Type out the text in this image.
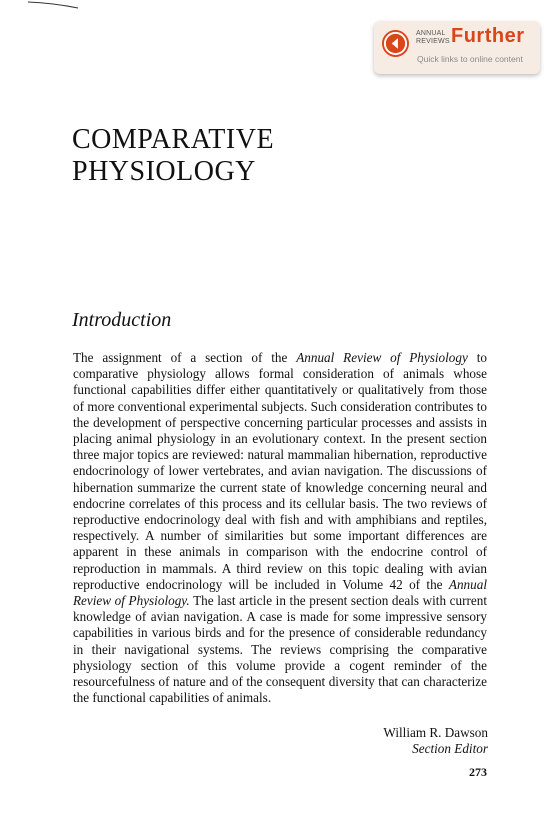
ANNUAL
REVIEWS Further
Quick links to online content
COMPARATIVE
PHYSIOLOGY
Introduction

The assignment of a section of the Annual Review of Physiology to comparative physiology allows formal consideration of animals whose functional capabilities differ either quantitatively or qualitatively from those of more conventional experimental subjects. Such consideration contributes to the development of perspective concerning particular processes and assists in placing animal physiology in an evolutionary context. In the present section three major topics are reviewed: natural mammalian hibernation, reproductive endocrinology of lower vertebrates, and avian navigation. The discussions of hibernation summarize the current state of knowledge concerning neural and endocrine correlates of this process and its cellular basis. The two reviews of reproductive endocrinology deal with fish and with amphibians and reptiles, respectively. A number of similarities but some important differences are apparent in these animals in comparison with the endocrine control of reproduction in mammals. A third review on this topic dealing with avian reproductive endocrinology will be included in Volume 42 of the Annual Review of Physiology. The last article in the present section deals with current knowledge of avian navigation. A case is made for some impressive sensory capabilities in various birds and for the presence of considerable redundancy in their navigational systems. The reviews comprising the comparative physiology section of this volume provide a cogent reminder of the resourcefulness of nature and of the consequent diversity that can characterize the functional capabilities of animals.

William R. Dawson
Section Editor
273
